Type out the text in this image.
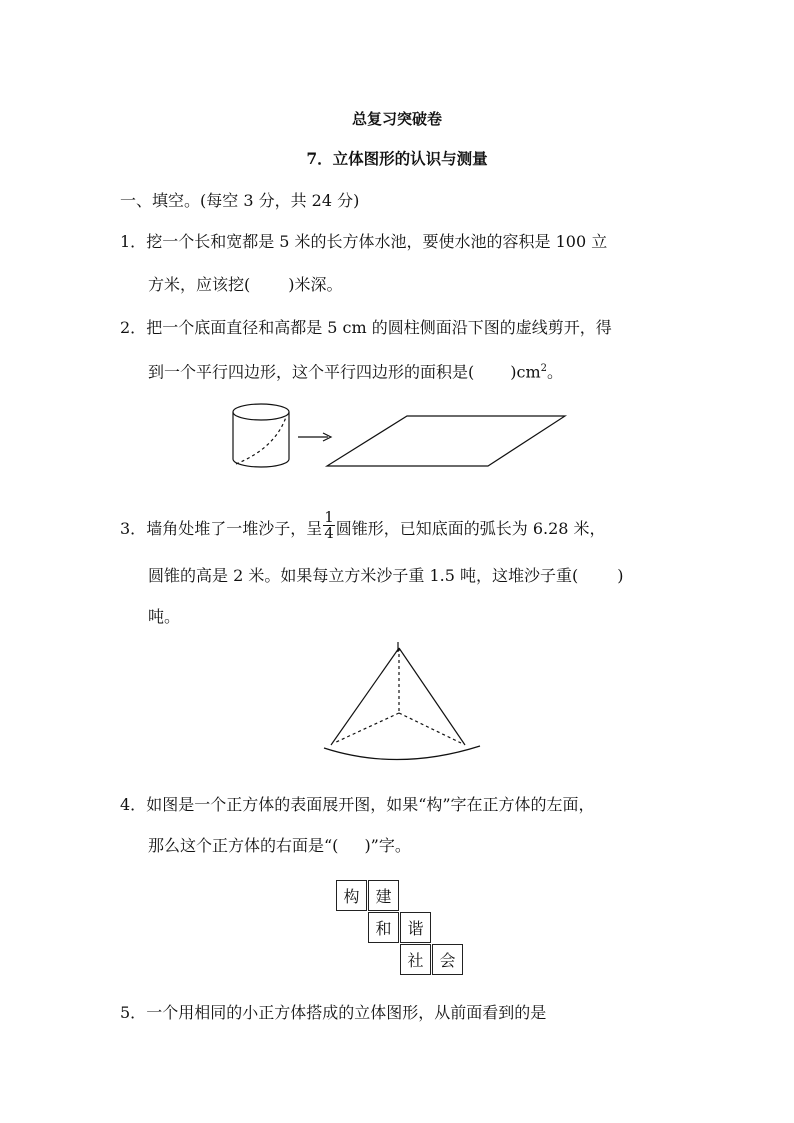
总复习突破卷
7．立体图形的认识与测量
一、填空。(每空 3 分，共 24 分)
1．挖一个长和宽都是 5 米的长方体水池，要使水池的容积是 100 立
方米，应该挖( )米深。
2．把一个底面直径和高都是 5 cm 的圆柱侧面沿下图的虚线剪开，得
到一个平行四边形，这个平行四边形的面积是( )$cm^2$。
3．墙角处堆了一堆沙子，呈 $\frac{1}{4}$ 圆锥形，已知底面的弧长为 6.28 米，
圆锥的高是 2 米。如果每立方米沙子重 1.5 吨，这堆沙子重( )
吨。
4．如图是一个正方体的表面展开图，如果“构”字在正方体的左面，
那么这个正方体的右面是“( )”字。
构 建
和 谐
社 会
5．一个用相同的小正方体搭成的立体图形，从前面看到的是
